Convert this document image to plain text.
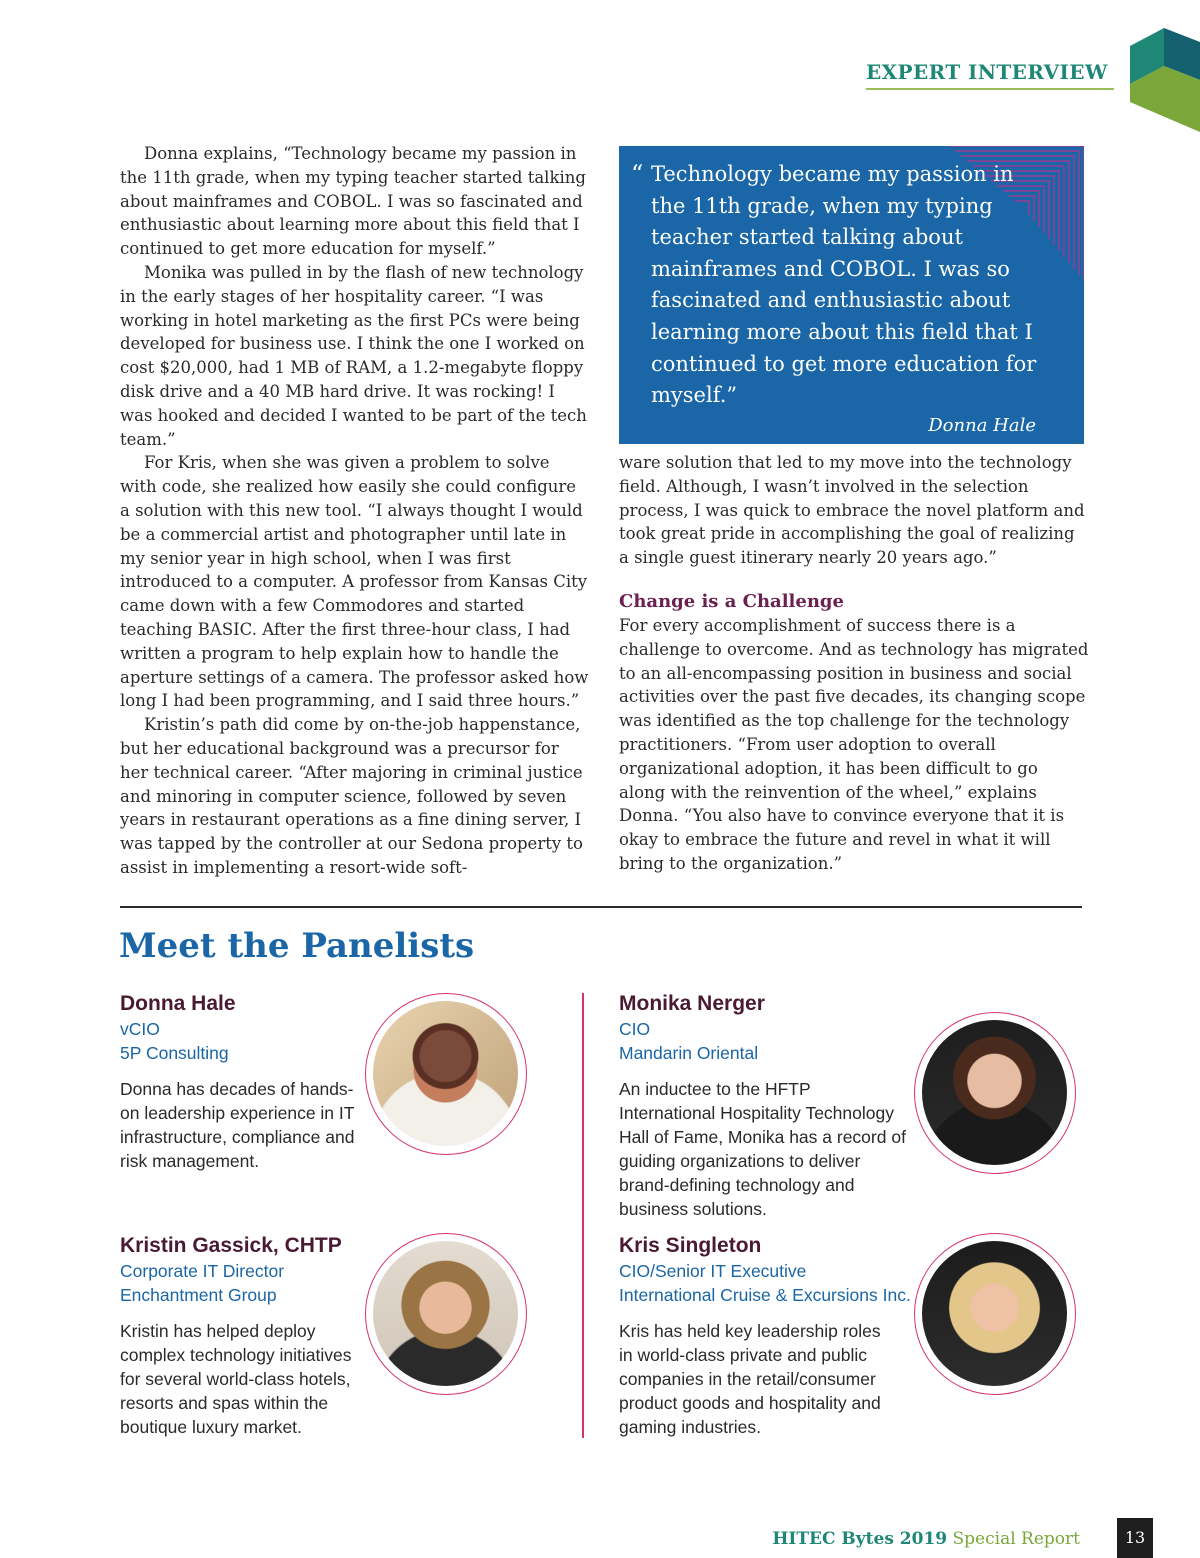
EXPERT INTERVIEW

Donna explains, “Technology became my passion in the 11th grade, when my typing teacher started talking about mainframes and COBOL. I was so fascinated and enthusiastic about learning more about this field that I continued to get more education for myself.”

Monika was pulled in by the flash of new technology in the early stages of her hospitality career. “I was working in hotel marketing as the first PCs were being developed for business use. I think the one I worked on cost $20,000, had 1 MB of RAM, a 1.2-megabyte floppy disk drive and a 40 MB hard drive. It was rocking! I was hooked and decided I wanted to be part of the tech team.”

For Kris, when she was given a problem to solve with code, she realized how easily she could configure a solution with this new tool. “I always thought I would be a commercial artist and photographer until late in my senior year in high school, when I was first introduced to a computer. A professor from Kansas City came down with a few Commodores and started teaching BASIC. After the first three-hour class, I had written a program to help explain how to handle the aperture settings of a camera. The professor asked how long I had been programming, and I said three hours.”

Kristin’s path did come by on-the-job happenstance, but her educational background was a precursor for her technical career. “After majoring in criminal justice and minoring in computer science, followed by seven years in restaurant operations as a fine dining server, I was tapped by the controller at our Sedona property to assist in implementing a resort-wide soft-

“ Technology became my passion in the 11th grade, when my typing teacher started talking about mainframes and COBOL. I was so fascinated and enthusiastic about learning more about this field that I continued to get more education for myself.”
Donna Hale

ware solution that led to my move into the technology field. Although, I wasn’t involved in the selection process, I was quick to embrace the novel platform and took great pride in accomplishing the goal of realizing a single guest itinerary nearly 20 years ago.”

Change is a Challenge

For every accomplishment of success there is a challenge to overcome. And as technology has migrated to an all-encompassing position in business and social activities over the past five decades, its changing scope was identified as the top challenge for the technology practitioners. “From user adoption to overall organizational adoption, it has been difficult to go along with the reinvention of the wheel,” explains Donna. “You also have to convince everyone that it is okay to embrace the future and revel in what it will bring to the organization.”

Meet the Panelists
Donna Hale
vCIO
5P Consulting
Donna has decades of hands-on leadership experience in IT infrastructure, compliance and risk management.
Monika Nerger
CIO
Mandarin Oriental
An inductee to the HFTP International Hospitality Technology Hall of Fame, Monika has a record of guiding organizations to deliver brand-defining technology and business solutions.
Kristin Gassick, CHTP
Corporate IT Director
Enchantment Group
Kristin has helped deploy complex technology initiatives for several world-class hotels, resorts and spas within the boutique luxury market.
Kris Singleton
CIO/Senior IT Executive
International Cruise & Excursions Inc.
Kris has held key leadership roles in world-class private and public companies in the retail/consumer product goods and hospitality and gaming industries.
HITEC Bytes 2019 Special Report	13
